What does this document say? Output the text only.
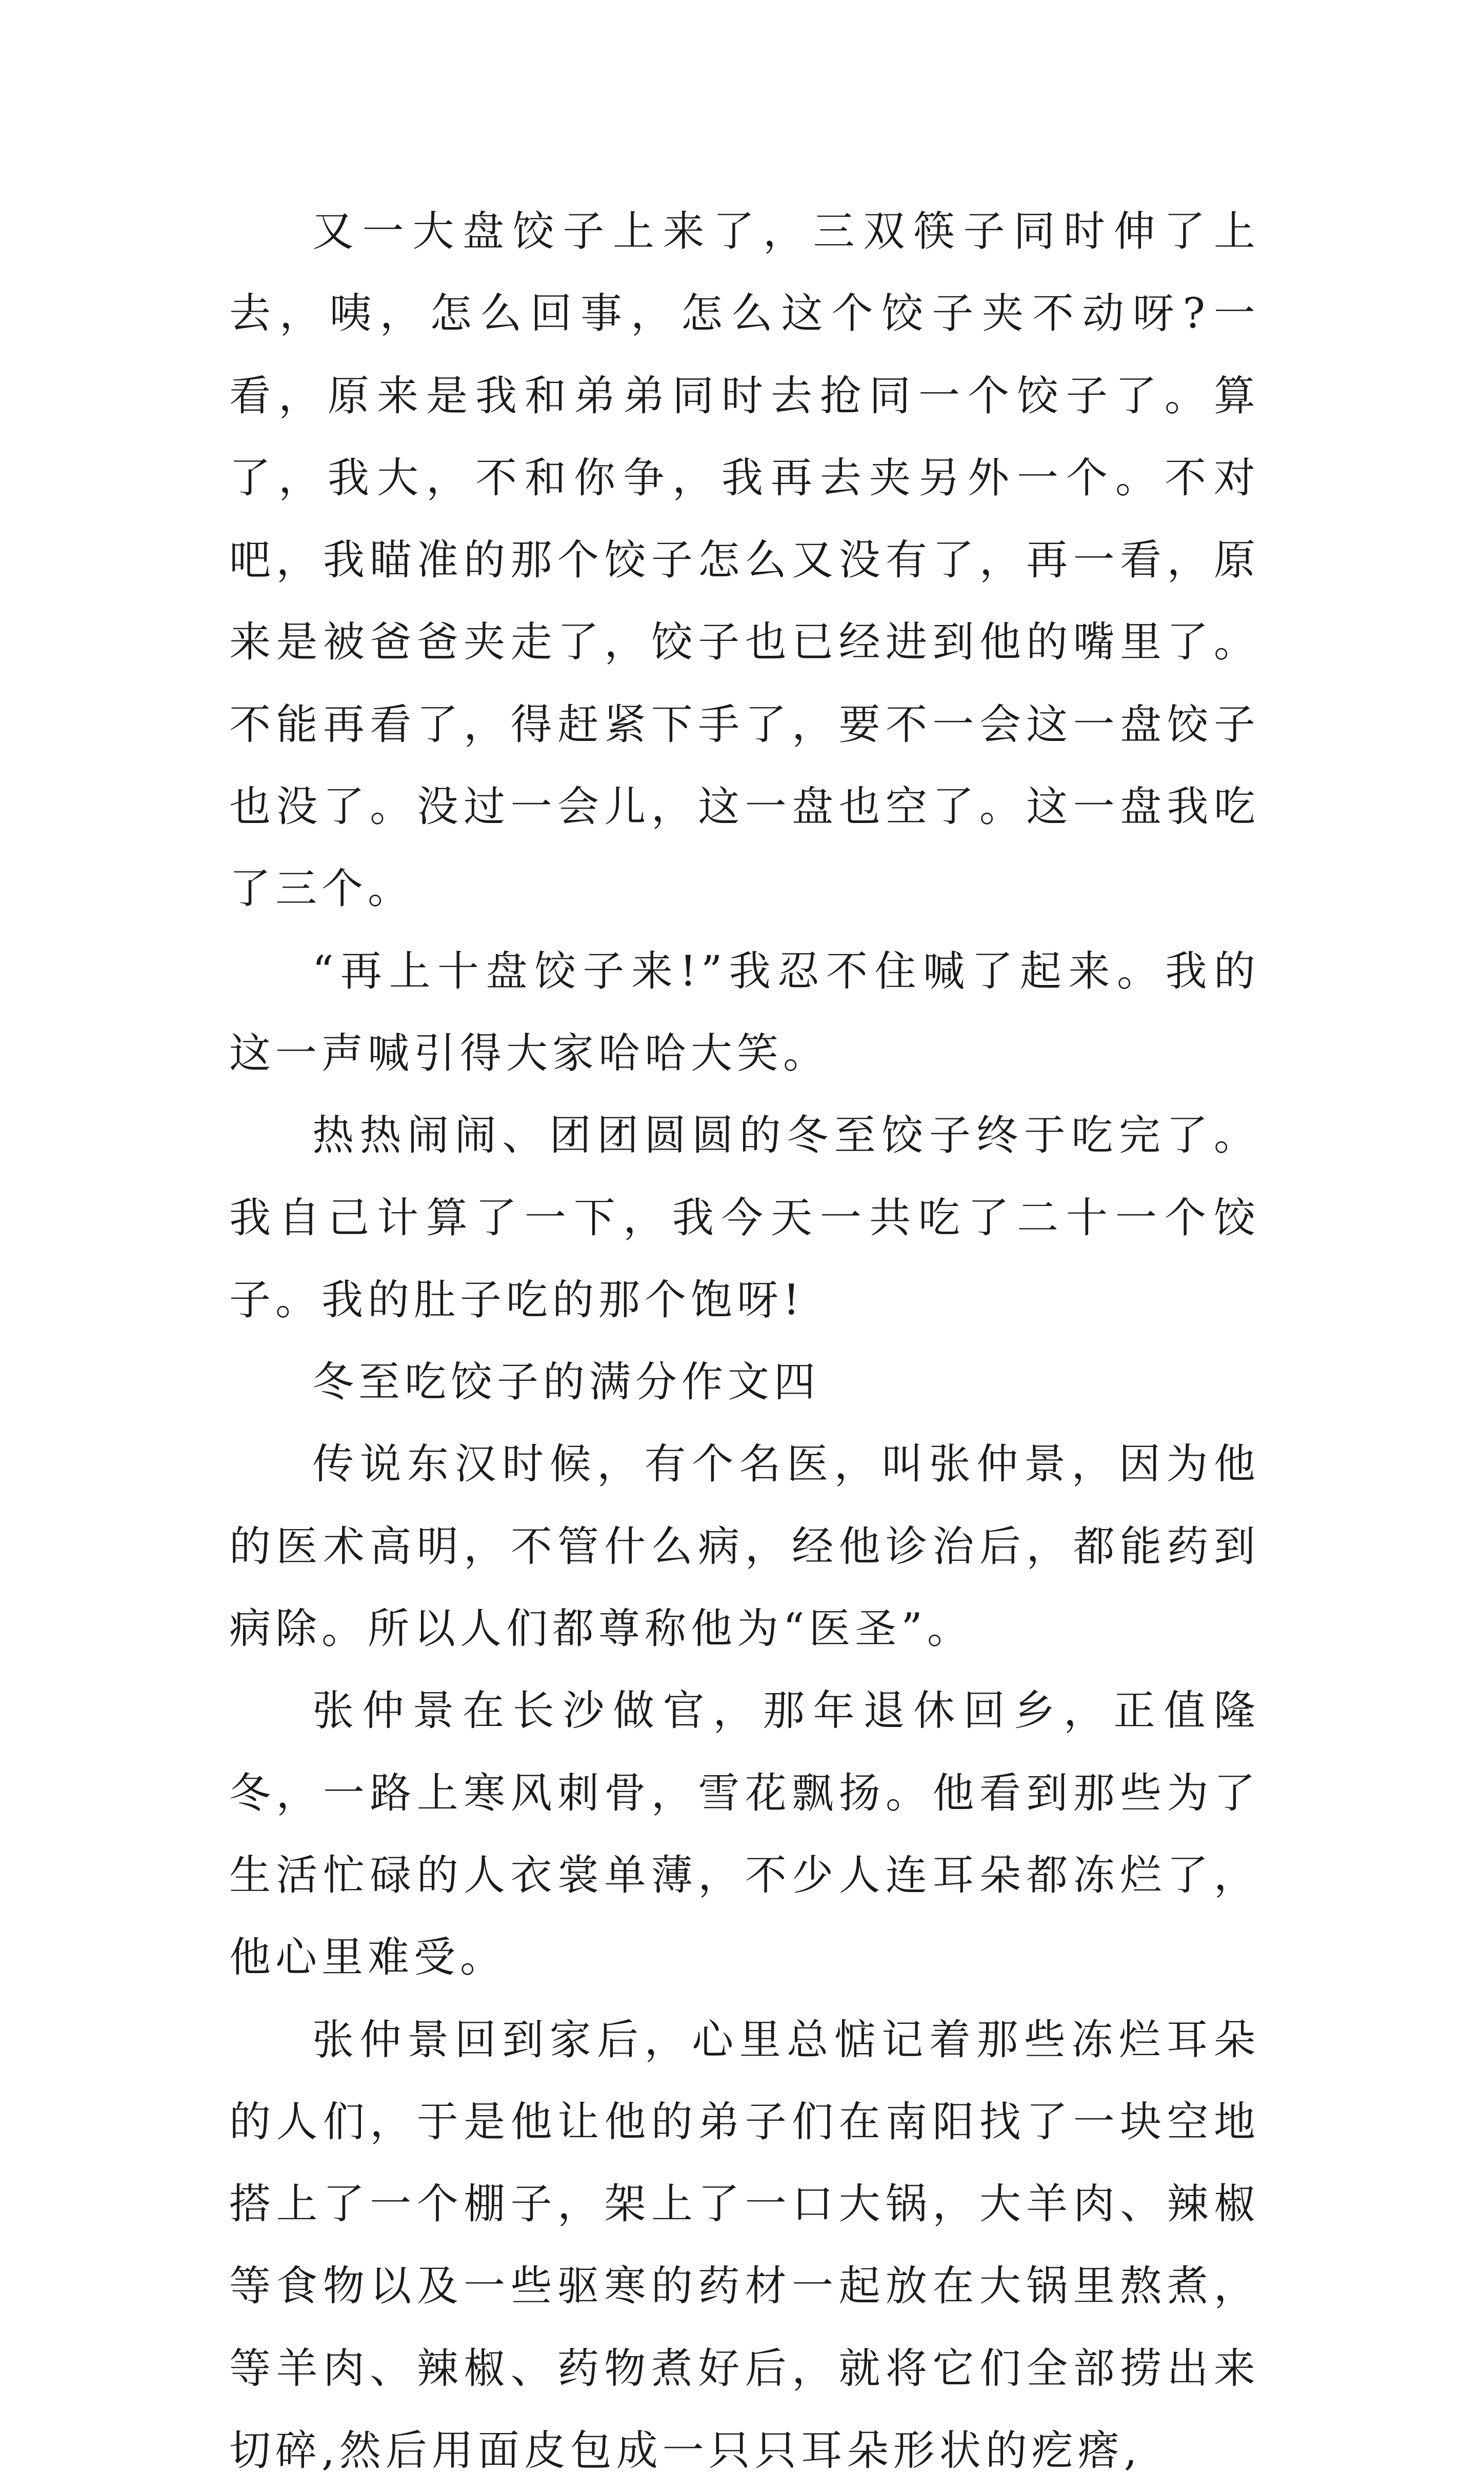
又一大盘饺子上来了，三双筷子同时伸了上去，咦，怎么回事，怎么这个饺子夹不动呀?一看，原来是我和弟弟同时去抢同一个饺子了。算了，我大，不和你争，我再去夹另外一个。不对吧，我瞄准的那个饺子怎么又没有了，再一看，原来是被爸爸夹走了，饺子也已经进到他的嘴里了。不能再看了，得赶紧下手了，要不一会这一盘饺子也没了。没过一会儿，这一盘也空了。这一盘我吃了三个。

“再上十盘饺子来!”我忍不住喊了起来。我的这一声喊引得大家哈哈大笑。

热热闹闹、团团圆圆的冬至饺子终于吃完了。我自己计算了一下，我今天一共吃了二十一个饺子。我的肚子吃的那个饱呀!

冬至吃饺子的满分作文四

传说东汉时候，有个名医，叫张仲景，因为他的医术高明，不管什么病，经他诊治后，都能药到病除。所以人们都尊称他为“医圣”。

张仲景在长沙做官，那年退休回乡，正值隆冬，一路上寒风刺骨，雪花飘扬。他看到那些为了生活忙碌的人衣裳单薄，不少人连耳朵都冻烂了，他心里难受。

张仲景回到家后，心里总惦记着那些冻烂耳朵的人们，于是他让他的弟子们在南阳找了一块空地搭上了一个棚子，架上了一口大锅，大羊肉、辣椒等食物以及一些驱寒的药材一起放在大锅里熬煮，等羊肉、辣椒、药物煮好后，就将它们全部捞出来切碎,然后用面皮包成一只只耳朵形状的疙瘩,
